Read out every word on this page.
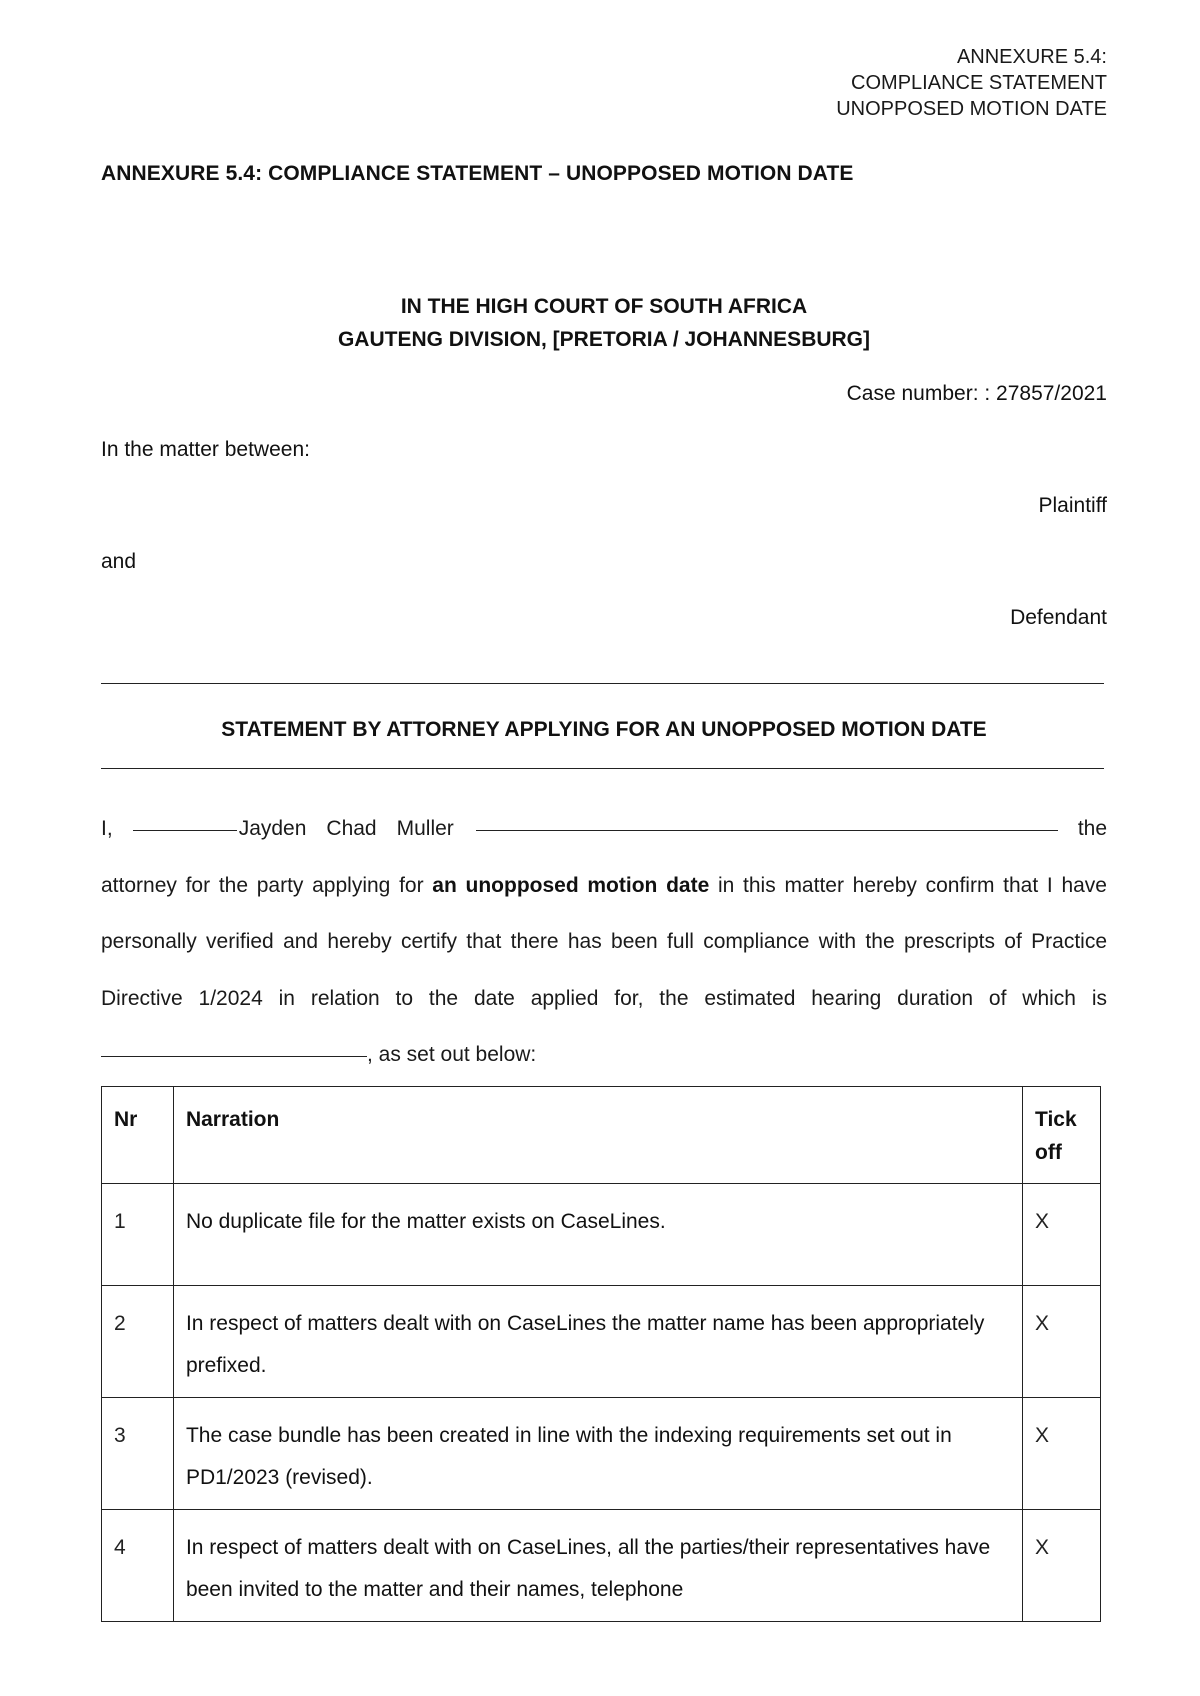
ANNEXURE 5.4:
COMPLIANCE STATEMENT
UNOPPOSED MOTION DATE
ANNEXURE 5.4: COMPLIANCE STATEMENT – UNOPPOSED MOTION DATE
IN THE HIGH COURT OF SOUTH AFRICA
GAUTENG DIVISION, [PRETORIA / JOHANNESBURG]
Case number: : 27857/2021
In the matter between:
Plaintiff
and
Defendant
STATEMENT BY ATTORNEY APPLYING FOR AN UNOPPOSED MOTION DATE
I,	Jayden Chad Muller	the attorney for the party applying for an unopposed motion date in this matter hereby confirm that I have personally verified and hereby certify that there has been full compliance with the prescripts of Practice Directive 1/2024 in relation to the date applied for, the estimated hearing duration of which is , as set out below:
Nr	Narration	Tick off
1	No duplicate file for the matter exists on CaseLines.	X
2	In respect of matters dealt with on CaseLines the matter name has been appropriately prefixed.	X
3	The case bundle has been created in line with the indexing requirements set out in PD1/2023 (revised).	X
4	In respect of matters dealt with on CaseLines, all the parties/their representatives have been invited to the matter and their names, telephone	X
